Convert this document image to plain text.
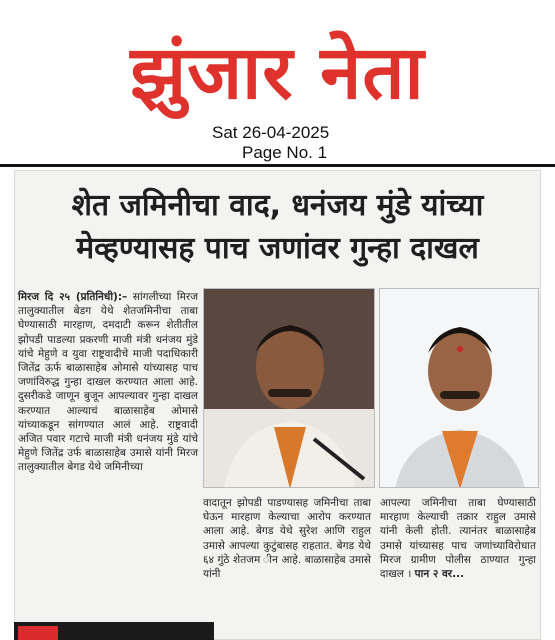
झुंजार नेता
Sat 26-04-2025
Page No. 1
शेत जमिनीचा वाद, धनंजय मुंडे यांच्या
मेव्हण्यासह पाच जणांवर गुन्हा दाखल
मिरज दि २५ (प्रतिनिधी):– सांगलीच्या मिरज तालुक्यातील बेडग येथे शेतजमिनीचा ताबा घेण्यासाठी मारहाण, दमदाटी करून शेतीतील झोपडी पाडल्या प्रकरणी माजी मंत्री धनंजय मुंडे यांचे मेहुणे व युवा राष्ट्रवादीचे माजी पदाधिकारी जितेंद्र ऊर्फ बाळासाहेब ओमासे यांच्यासह पाच जणांविरुद्ध गुन्हा दाखल करण्यात आला आहे. दुसरीकडे जाणून बुजून आपल्यावर गुन्हा दाखल करण्यात आल्याचं बाळासाहेब ओमासे यांच्याकडून सांगण्यात आलं आहे. राष्ट्रवादी अजित पवार गटाचे माजी मंत्री धनंजय मुंडे यांचे मेहुणे जितेंद्र उर्फ बाळासाहेब उमासे यांनी मिरज तालुक्यातील बेगड येथे जमिनीच्या
वादातून झोपडी पाडण्यासह जमिनीचा ताबा घेऊन मारहाण केल्याचा आरोप करण्यात आला आहे. बेगड येथे सुरेश आणि राहुल उमासे आपल्या कुटुंबासह राहतात. बेगड येथे ६४ गुंठे शेतजम ीन आहे. बाळासाहेब उमासे यांनी
आपल्या जमिनीचा ताबा घेण्यासाठी मारहाण केल्याची तक्रार राहुल उमासे यांनी केली होती. त्यानंतर बाळासाहेब उमासे यांच्यासह पाच जणांच्याविरोधात मिरज ग्रामीण पोलीस ठाण्यात गुन्हा दाखल । पान २ वर...
